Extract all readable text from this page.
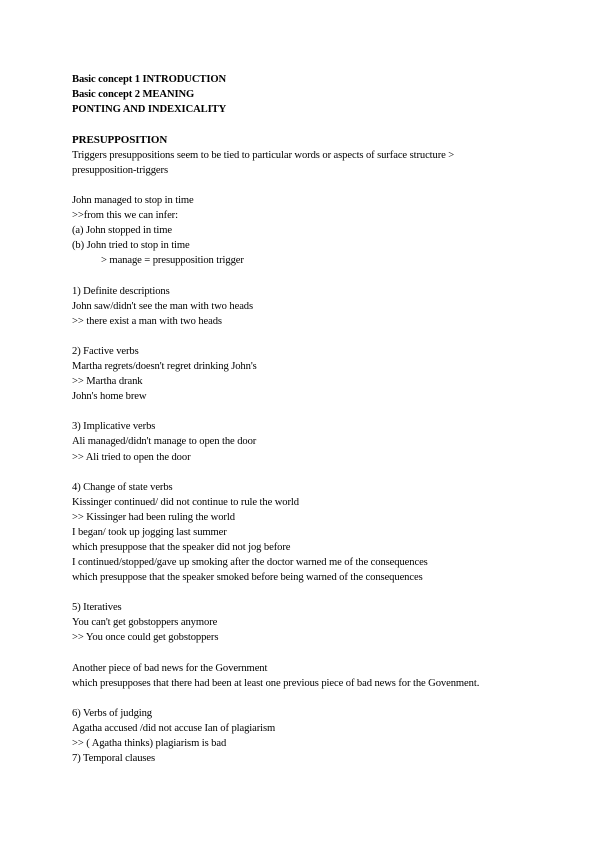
Basic concept 1 INTRODUCTION
Basic concept 2 MEANING
PONTING AND INDEXICALITY
PRESUPPOSITION
Triggers presuppositions seem to be tied to particular words or aspects of surface structure >
presupposition-triggers
John managed to stop in time
>>from this we can infer:
(a) John stopped in time
(b) John tried to stop in time
> manage = presupposition trigger
1) Definite descriptions
John saw/didn't see the man with two heads
>> there exist a man with two heads
2) Factive verbs
Martha regrets/doesn't regret drinking John's
>> Martha drank
John's home brew
3) Implicative verbs
Ali managed/didn't manage to open the door
>> Ali tried to open the door
4) Change of state verbs
Kissinger continued/ did not continue to rule the world
>> Kissinger had been ruling the world
I began/ took up jogging last summer
which presuppose that the speaker did not jog before
I continued/stopped/gave up smoking after the doctor warned me of the consequences
which presuppose that the speaker smoked before being warned of the consequences
5) Iteratives
You can't get gobstoppers anymore
>> You once could get gobstoppers
Another piece of bad news for the Government
which presupposes that there had been at least one previous piece of bad news for the Govenment.
6) Verbs of judging
Agatha accused /did not accuse Ian of plagiarism
>> ( Agatha thinks) plagiarism is bad
7) Temporal clauses
